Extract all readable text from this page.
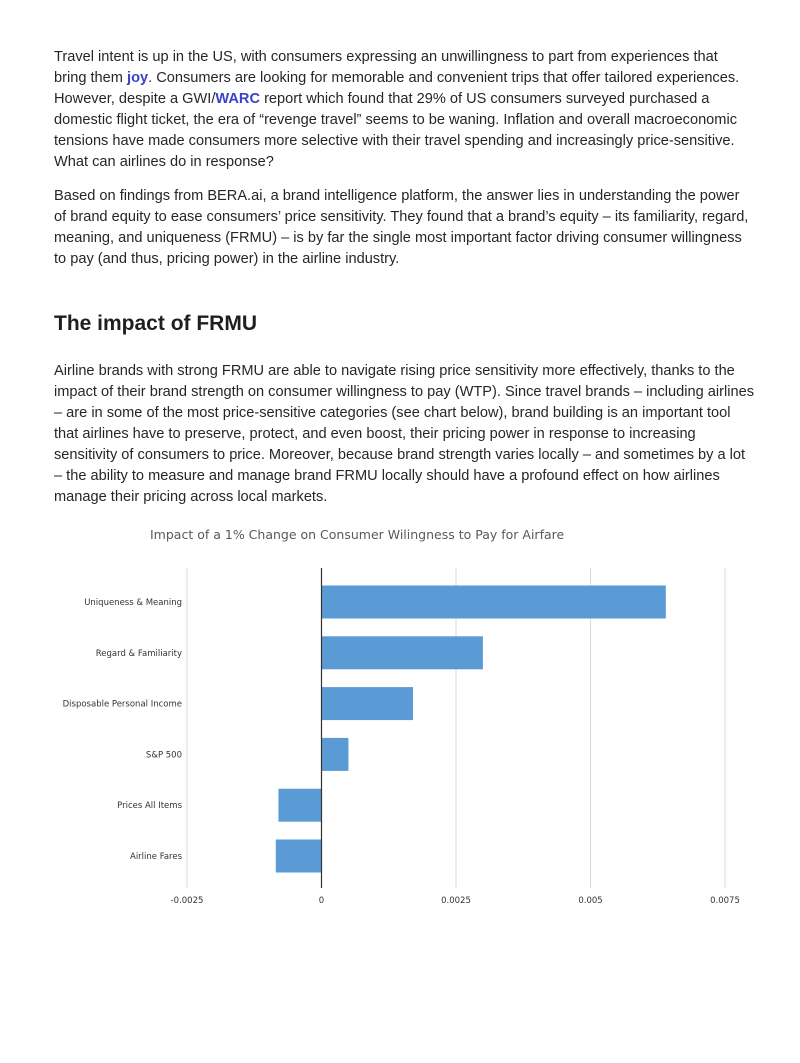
Travel intent is up in the US, with consumers expressing an unwillingness to part from experiences that bring them joy. Consumers are looking for memorable and convenient trips that offer tailored experiences. However, despite a GWI/WARC report which found that 29% of US consumers surveyed purchased a domestic flight ticket, the era of “revenge travel” seems to be waning. Inflation and overall macroeconomic tensions have made consumers more selective with their travel spending and increasingly price-sensitive. What can airlines do in response?

Based on findings from BERA.ai, a brand intelligence platform, the answer lies in understanding the power of brand equity to ease consumers’ price sensitivity. They found that a brand’s equity – its familiarity, regard, meaning, and uniqueness (FRMU) – is by far the single most important factor driving consumer willingness to pay (and thus, pricing power) in the airline industry.

The impact of FRMU

Airline brands with strong FRMU are able to navigate rising price sensitivity more effectively, thanks to the impact of their brand strength on consumer willingness to pay (WTP). Since travel brands – including airlines – are in some of the most price-sensitive categories (see chart below), brand building is an important tool that airlines have to preserve, protect, and even boost, their pricing power in response to increasing sensitivity of consumers to price. Moreover, because brand strength varies locally – and sometimes by a lot – the ability to measure and manage brand FRMU locally should have a profound effect on how airlines manage their pricing across local markets.

Impact of a 1% Change on Consumer Wilingness to Pay for Airfare
Uniqueness & Meaning
Regard & Familiarity
Disposable Personal Income
S&P 500
Prices All Items
Airline Fares
-0.0025	0	0.0025	0.005	0.0075
